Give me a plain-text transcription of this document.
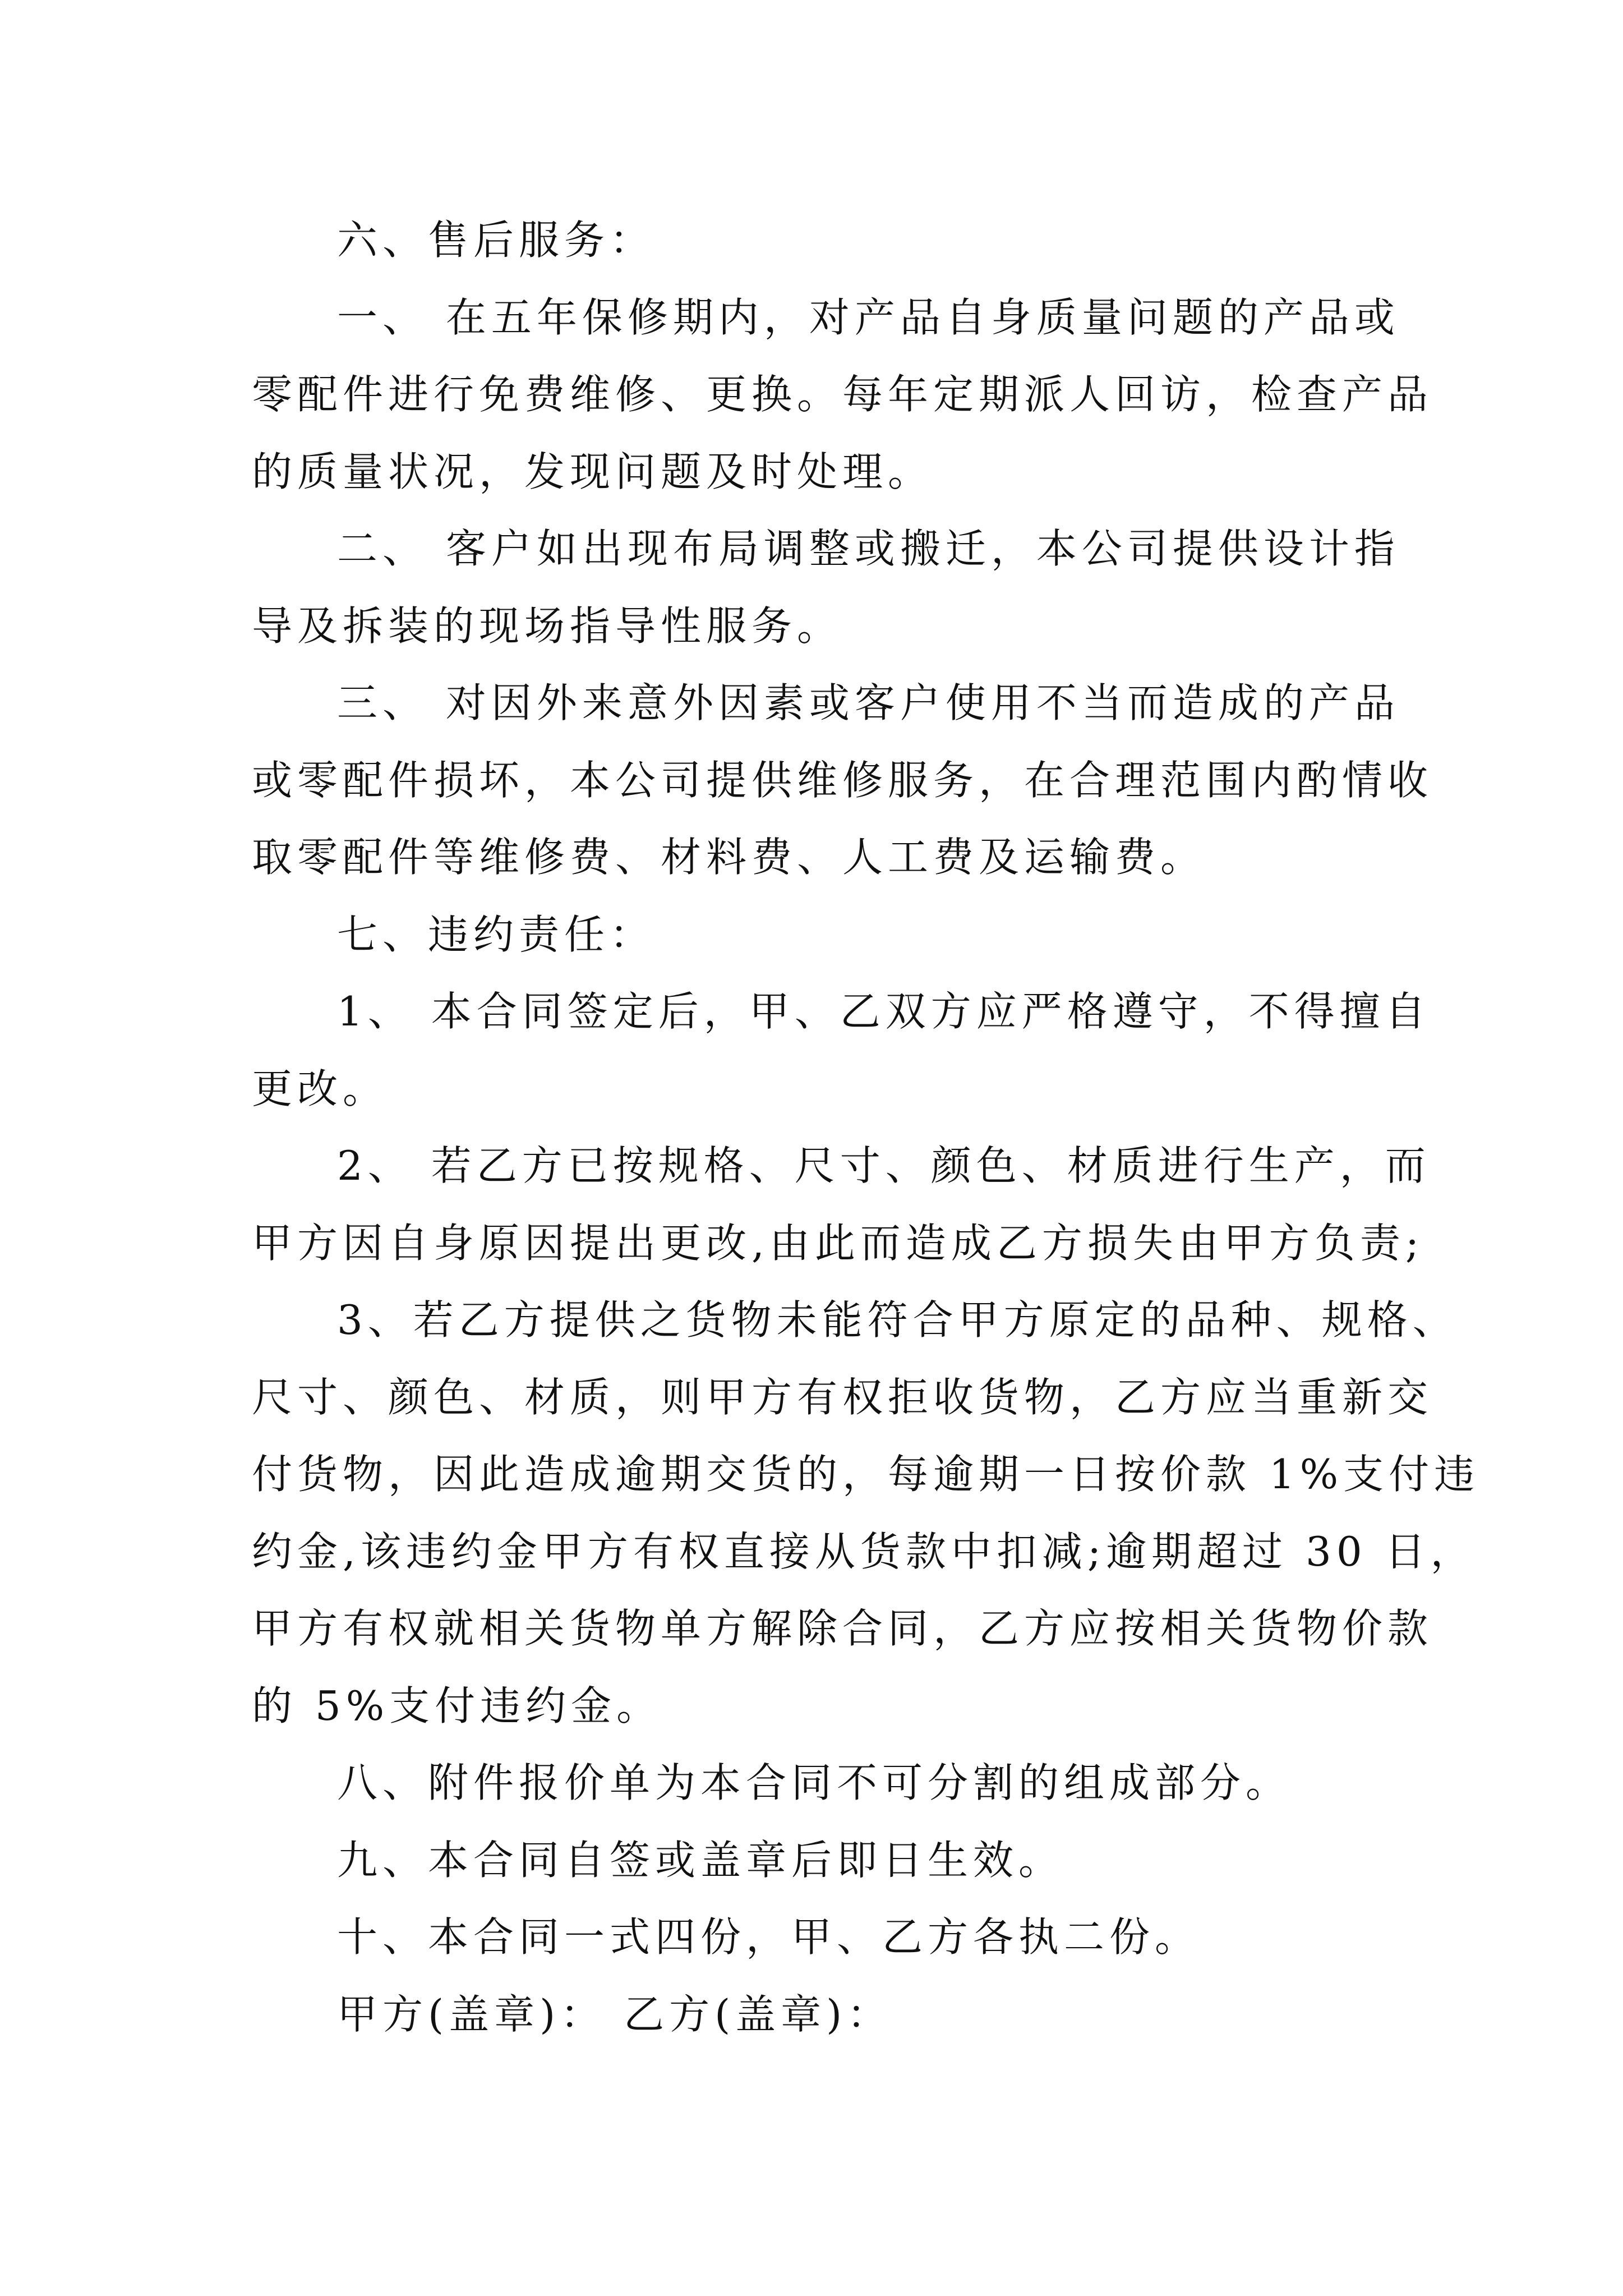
六、售后服务：
一、 在五年保修期内，对产品自身质量问题的产品或
零配件进行免费维修、更换。每年定期派人回访，检查产品
的质量状况，发现问题及时处理。
二、 客户如出现布局调整或搬迁，本公司提供设计指
导及拆装的现场指导性服务。
三、 对因外来意外因素或客户使用不当而造成的产品
或零配件损坏，本公司提供维修服务，在合理范围内酌情收
取零配件等维修费、材料费、人工费及运输费。
七、违约责任：
1、 本合同签定后，甲、乙双方应严格遵守，不得擅自
更改。
2、 若乙方已按规格、尺寸、颜色、材质进行生产，而
甲方因自身原因提出更改,由此而造成乙方损失由甲方负责;
3、若乙方提供之货物未能符合甲方原定的品种、规格、
尺寸、颜色、材质，则甲方有权拒收货物，乙方应当重新交
付货物，因此造成逾期交货的，每逾期一日按价款 1%支付违
约金,该违约金甲方有权直接从货款中扣减;逾期超过 30 日，
甲方有权就相关货物单方解除合同，乙方应按相关货物价款
的 5%支付违约金。
八、附件报价单为本合同不可分割的组成部分。
九、本合同自签或盖章后即日生效。
十、本合同一式四份，甲、乙方各执二份。
甲方(盖章)： 乙方(盖章)：
